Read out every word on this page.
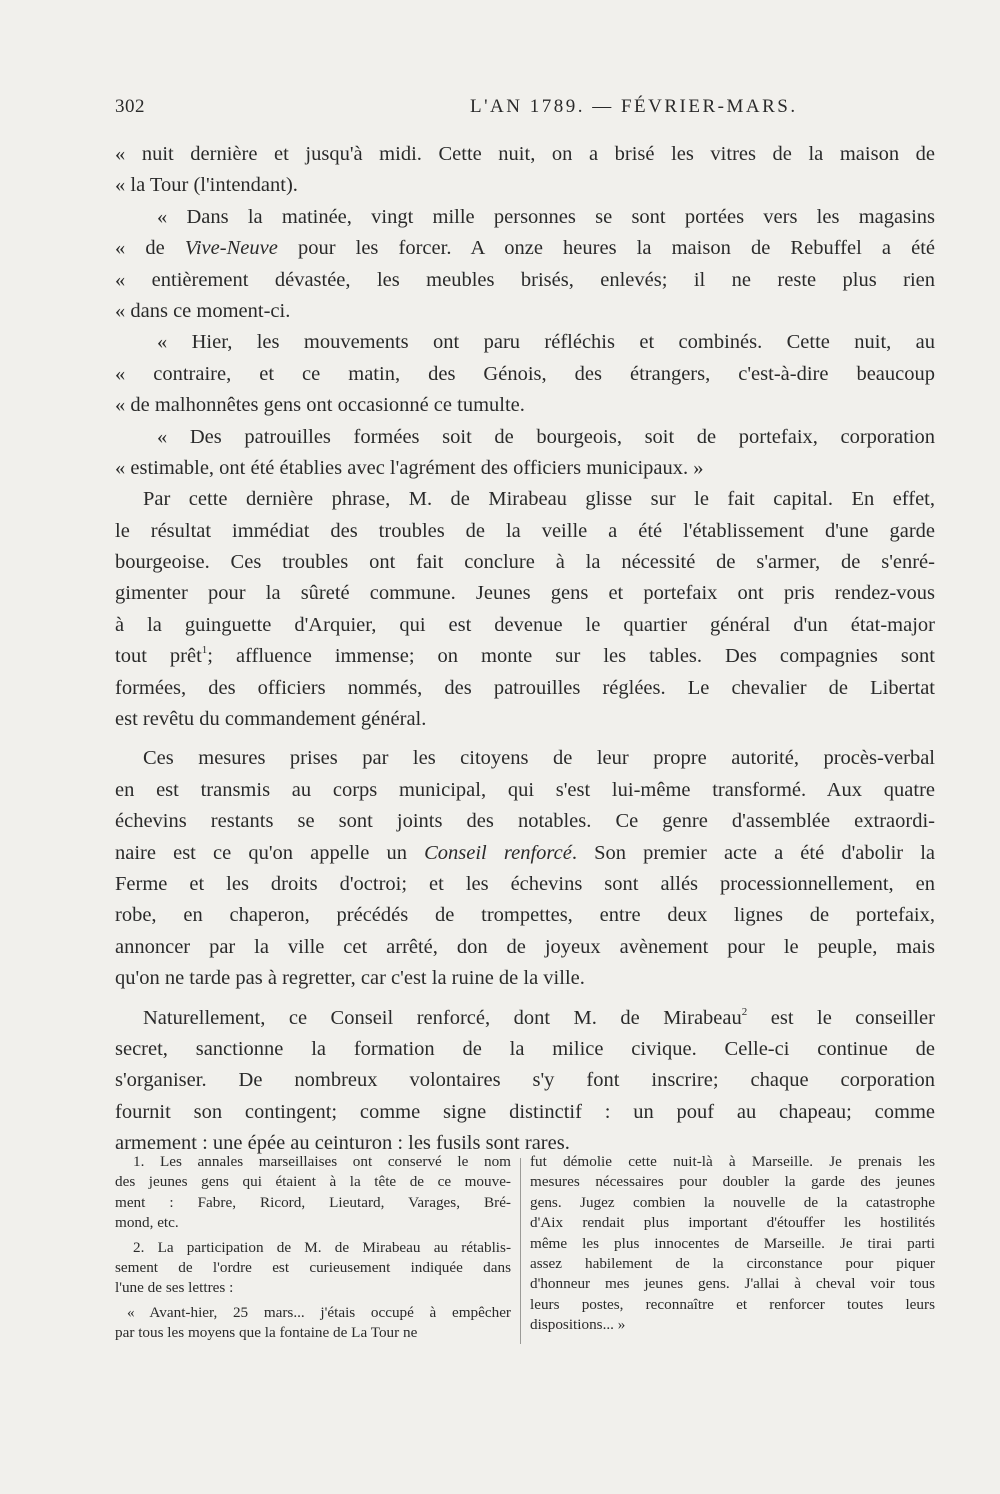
302	L'AN 1789. — FÉVRIER-MARS.
« nuit dernière et jusqu'à midi. Cette nuit, on a brisé les vitres de la maison de
« la Tour (l'intendant).
« Dans la matinée, vingt mille personnes se sont portées vers les magasins
« de Vive-Neuve pour les forcer. A onze heures la maison de Rebuffel a été
« entièrement dévastée, les meubles brisés, enlevés; il ne reste plus rien
« dans ce moment-ci.
« Hier, les mouvements ont paru réfléchis et combinés. Cette nuit, au
« contraire, et ce matin, des Génois, des étrangers, c'est-à-dire beaucoup
« de malhonnêtes gens ont occasionné ce tumulte.
« Des patrouilles formées soit de bourgeois, soit de portefaix, corporation
« estimable, ont été établies avec l'agrément des officiers municipaux. »
Par cette dernière phrase, M. de Mirabeau glisse sur le fait capital. En effet,
le résultat immédiat des troubles de la veille a été l'établissement d'une garde
bourgeoise. Ces troubles ont fait conclure à la nécessité de s'armer, de s'enré-
gimenter pour la sûreté commune. Jeunes gens et portefaix ont pris rendez-vous
à la guinguette d'Arquier, qui est devenue le quartier général d'un état-major
tout prêt$^1$; affluence immense; on monte sur les tables. Des compagnies sont
formées, des officiers nommés, des patrouilles réglées. Le chevalier de Libertat
est revêtu du commandement général.
Ces mesures prises par les citoyens de leur propre autorité, procès-verbal
en est transmis au corps municipal, qui s'est lui-même transformé. Aux quatre
échevins restants se sont joints des notables. Ce genre d'assemblée extraordi-
naire est ce qu'on appelle un Conseil renforcé. Son premier acte a été d'abolir la
Ferme et les droits d'octroi; et les échevins sont allés processionnellement, en
robe, en chaperon, précédés de trompettes, entre deux lignes de portefaix,
annoncer par la ville cet arrêté, don de joyeux avènement pour le peuple, mais
qu'on ne tarde pas à regretter, car c'est la ruine de la ville.
Naturellement, ce Conseil renforcé, dont M. de Mirabeau$^2$ est le conseiller
secret, sanctionne la formation de la milice civique. Celle-ci continue de
s'organiser. De nombreux volontaires s'y font inscrire; chaque corporation
fournit son contingent; comme signe distinctif : un pouf au chapeau; comme
armement : une épée au ceinturon : les fusils sont rares.
1. Les annales marseillaises ont conservé le nom
des jeunes gens qui étaient à la tête de ce mouve-
ment : Fabre, Ricord, Lieutard, Varages, Bré-
mond, etc.
2. La participation de M. de Mirabeau au rétablis-
sement de l'ordre est curieusement indiquée dans
l'une de ses lettres :
« Avant-hier, 25 mars... j'étais occupé à empêcher
par tous les moyens que la fontaine de La Tour ne
fut démolie cette nuit-là à Marseille. Je prenais les
mesures nécessaires pour doubler la garde des jeunes
gens. Jugez combien la nouvelle de la catastrophe
d'Aix rendait plus important d'étouffer les hostilités
même les plus innocentes de Marseille. Je tirai parti
assez habilement de la circonstance pour piquer
d'honneur mes jeunes gens. J'allai à cheval voir tous
leurs postes, reconnaître et renforcer toutes leurs
dispositions... »
